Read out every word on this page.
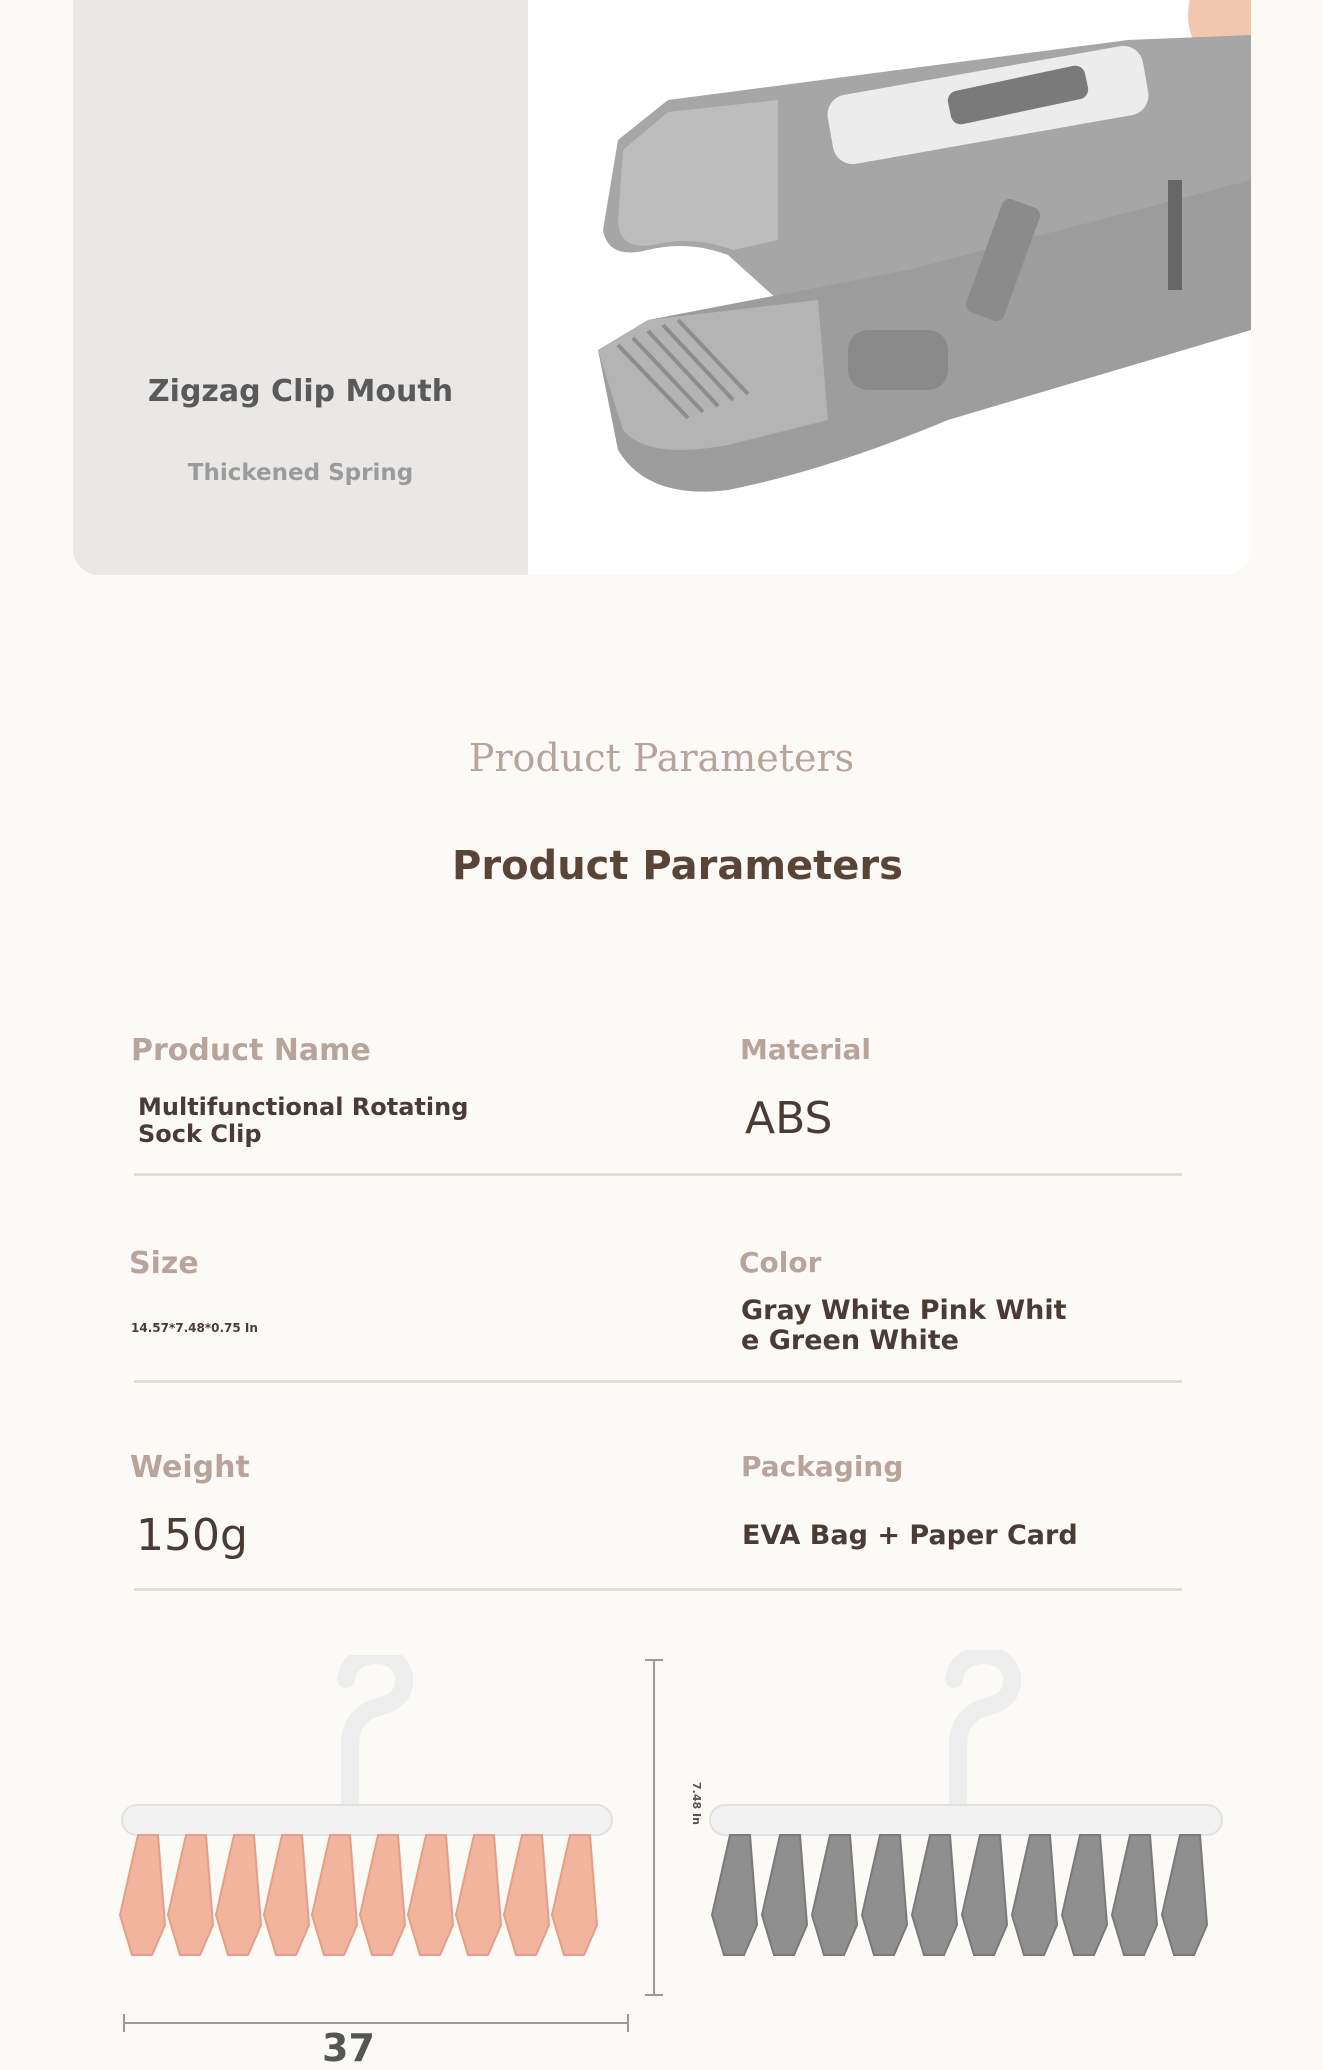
Zigzag Clip Mouth
Thickened Spring
Product Parameters
Product Parameters
Product Name
Multifunctional Rotating
Sock Clip
Material
ABS
Size
14.57*7.48*0.75 In
Color
Gray White Pink Whit
e Green White
Weight
150g
Packaging
EVA Bag + Paper Card
7.48 In
37
